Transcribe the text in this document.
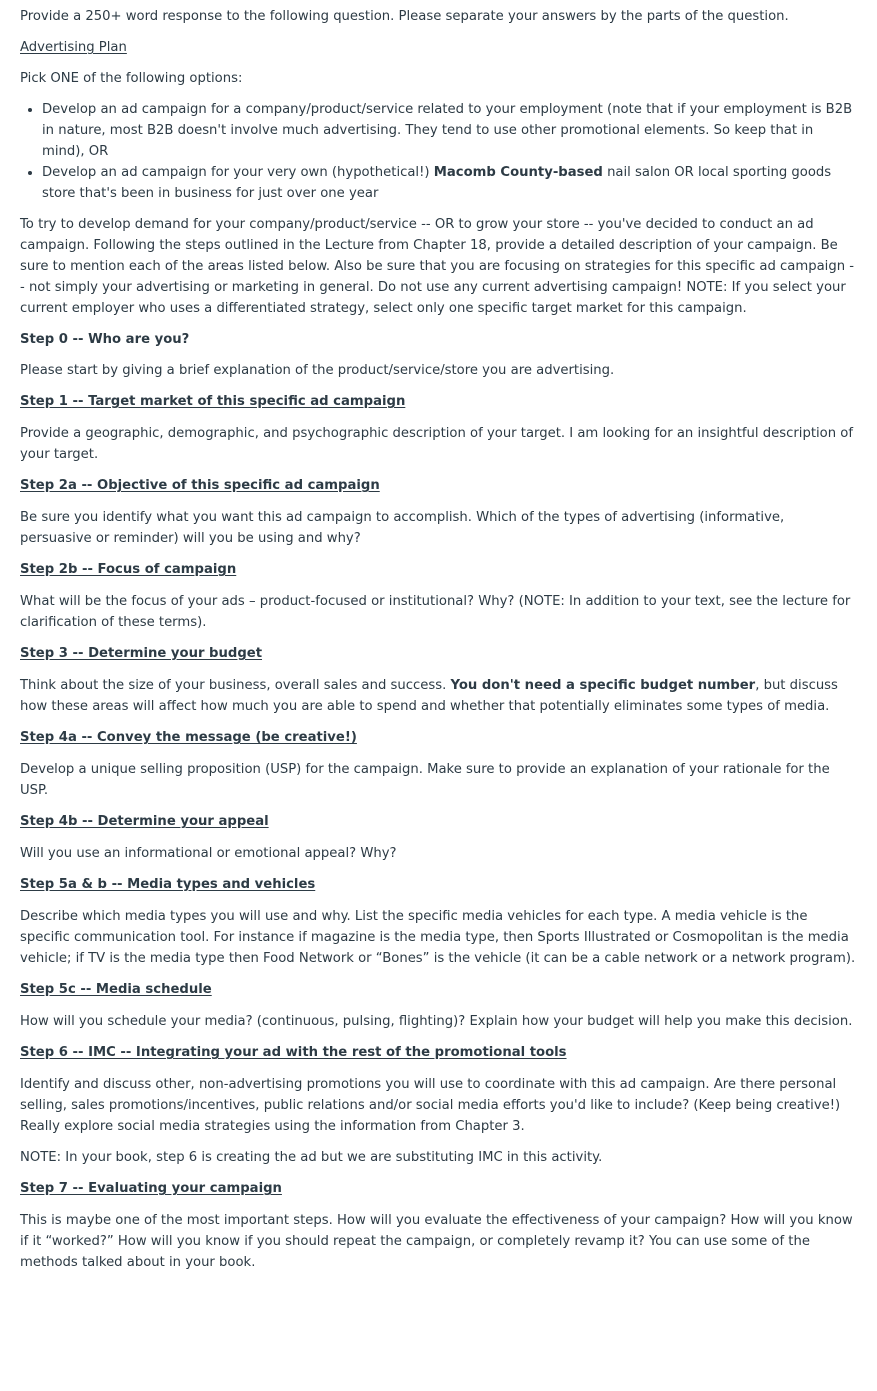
Provide a 250+ word response to the following question. Please separate your answers by the parts of the question.

Advertising Plan

Pick ONE of the following options:

• Develop an ad campaign for a company/product/service related to your employment (note that if your employment is B2B in nature, most B2B doesn't involve much advertising. They tend to use other promotional elements. So keep that in mind), OR
• Develop an ad campaign for your very own (hypothetical!) Macomb County-based nail salon OR local sporting goods store that's been in business for just over one year

To try to develop demand for your company/product/service -- OR to grow your store -- you've decided to conduct an ad campaign. Following the steps outlined in the Lecture from Chapter 18, provide a detailed description of your campaign. Be sure to mention each of the areas listed below. Also be sure that you are focusing on strategies for this specific ad campaign -- not simply your advertising or marketing in general. Do not use any current advertising campaign! NOTE: If you select your current employer who uses a differentiated strategy, select only one specific target market for this campaign.

Step 0 -- Who are you?

Please start by giving a brief explanation of the product/service/store you are advertising.

Step 1 -- Target market of this specific ad campaign

Provide a geographic, demographic, and psychographic description of your target. I am looking for an insightful description of your target.

Step 2a -- Objective of this specific ad campaign

Be sure you identify what you want this ad campaign to accomplish. Which of the types of advertising (informative, persuasive or reminder) will you be using and why?

Step 2b -- Focus of campaign

What will be the focus of your ads – product-focused or institutional? Why? (NOTE: In addition to your text, see the lecture for clarification of these terms).

Step 3 -- Determine your budget

Think about the size of your business, overall sales and success. You don't need a specific budget number, but discuss how these areas will affect how much you are able to spend and whether that potentially eliminates some types of media.

Step 4a -- Convey the message (be creative!)

Develop a unique selling proposition (USP) for the campaign. Make sure to provide an explanation of your rationale for the USP.

Step 4b -- Determine your appeal

Will you use an informational or emotional appeal? Why?

Step 5a & b -- Media types and vehicles

Describe which media types you will use and why. List the specific media vehicles for each type. A media vehicle is the specific communication tool. For instance if magazine is the media type, then Sports Illustrated or Cosmopolitan is the media vehicle; if TV is the media type then Food Network or “Bones” is the vehicle (it can be a cable network or a network program).

Step 5c -- Media schedule

How will you schedule your media? (continuous, pulsing, flighting)? Explain how your budget will help you make this decision.

Step 6 -- IMC -- Integrating your ad with the rest of the promotional tools

Identify and discuss other, non-advertising promotions you will use to coordinate with this ad campaign. Are there personal selling, sales promotions/incentives, public relations and/or social media efforts you'd like to include? (Keep being creative!) Really explore social media strategies using the information from Chapter 3.

NOTE: In your book, step 6 is creating the ad but we are substituting IMC in this activity.

Step 7 -- Evaluating your campaign

This is maybe one of the most important steps. How will you evaluate the effectiveness of your campaign? How will you know if it “worked?” How will you know if you should repeat the campaign, or completely revamp it? You can use some of the methods talked about in your book.
